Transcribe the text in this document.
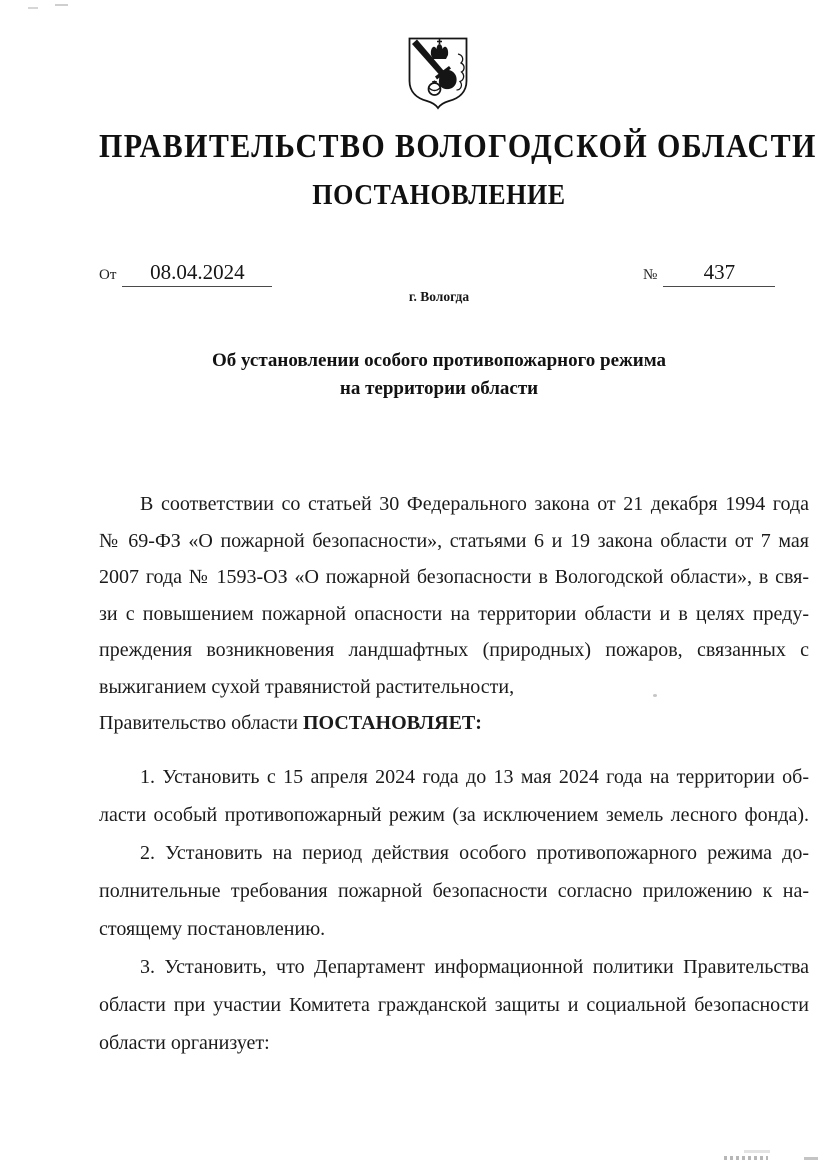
ПРАВИТЕЛЬСТВО ВОЛОГОДСКОЙ ОБЛАСТИ
ПОСТАНОВЛЕНИЕ
От 08.04.2024	№ 437
г. Вологда
Об установлении особого противопожарного режима
на территории области
В соответствии со статьей 30 Федерального закона от 21 декабря 1994 года
№ 69-ФЗ «О пожарной безопасности», статьями 6 и 19 закона области от 7 мая
2007 года № 1593-ОЗ «О пожарной безопасности в Вологодской области», в свя-
зи с повышением пожарной опасности на территории области и в целях преду-
преждения возникновения ландшафтных (природных) пожаров, связанных с
выжиганием сухой травянистой растительности,
Правительство области ПОСТАНОВЛЯЕТ:
1. Установить с 15 апреля 2024 года до 13 мая 2024 года на территории об-
ласти особый противопожарный режим (за исключением земель лесного фонда).
2. Установить на период действия особого противопожарного режима до-
полнительные требования пожарной безопасности согласно приложению к на-
стоящему постановлению.
3. Установить, что Департамент информационной политики Правительства
области при участии Комитета гражданской защиты и социальной безопасности
области организует:
